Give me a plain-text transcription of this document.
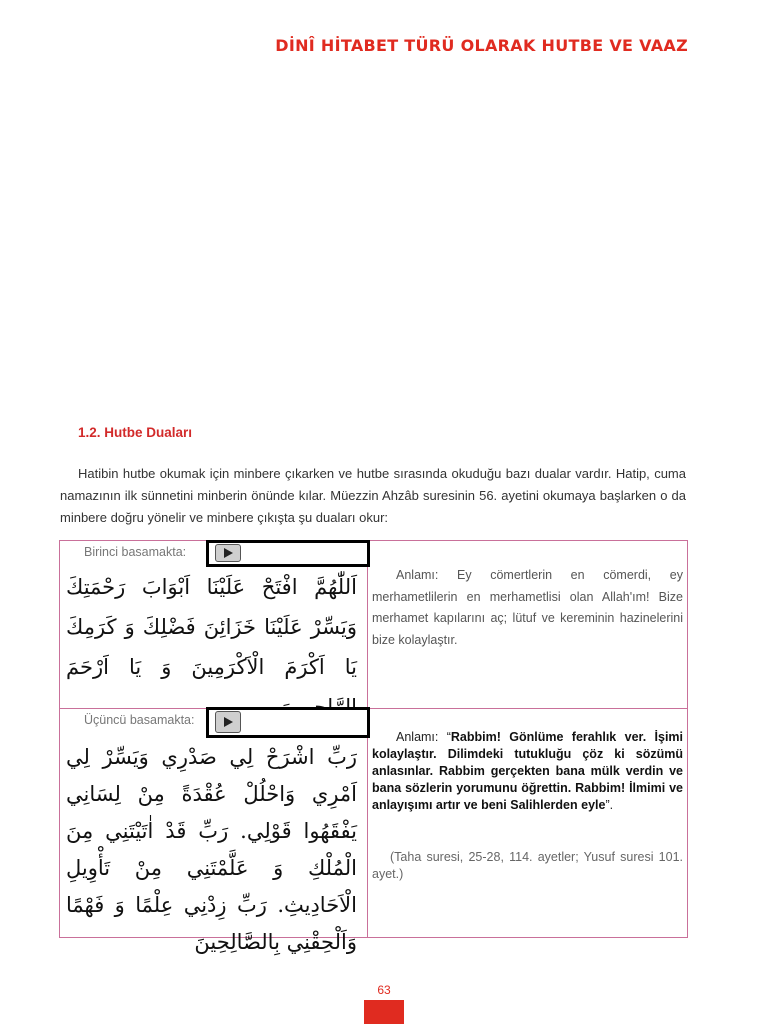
DİNÎ HİTABET TÜRÜ OLARAK HUTBE VE VAAZ
1.2. Hutbe Duaları
Hatibin hutbe okumak için minbere çıkarken ve hutbe sırasında okuduğu bazı dualar vardır. Hatip, cuma namazının ilk sünnetini minberin önünde kılar. Müezzin Ahzâb suresinin 56. ayetini okumaya başlarken o da minbere doğru yönelir ve minbere çıkışta şu duaları okur:
Birinci basamakta:
اَللّٰهُمَّ افْتَحْ عَلَيْنَا اَبْوَابَ رَحْمَتِكَ وَيَسِّرْ عَلَيْنَا خَزَائِنَ فَضْلِكَ وَ كَرَمِكَ يَا اَكْرَمَ الْاَكْرَمِينَ وَ يَا اَرْحَمَ
Anlamı: Ey cömertlerin en cömerdi, ey merhametlilerin en merhametlisi olan Allah'ım! Bize merhamet kapılarını aç; lütuf ve kereminin hazinelerini bize kolaylaştır.
Üçüncü basamakta:
رَبِّ اشْرَحْ لِي صَدْرِي وَيَسِّرْ لِي اَمْرِي وَاحْلُلْ عُقْدَةً مِنْ لِسَانِي يَفْقَهُوا قَوْلِي. رَبِّ قَدْ اٰتَيْتَنِي مِنَ الْمُلْكِ وَ عَلَّمْتَنِي مِنْ تَأْوِيلِ الْاَحَادِيثِ. رَبِّ زِدْنِي عِلْمًا وَ فَهْمًا وَاَلْحِقْنِي بِالصَّالِحِينَ
Anlamı: “Rabbim! Gönlüme ferahlık ver. İşimi kolaylaştır. Dilimdeki tutukluğu çöz ki sözümü anlasınlar. Rabbim gerçekten bana mülk verdin ve bana sözlerin yorumunu öğrettin. Rabbim! İlmimi ve anlayışımı artır ve beni Salihlerden eyle”.
(Taha suresi, 25-28, 114. ayetler; Yusuf suresi 101. ayet.)
63
